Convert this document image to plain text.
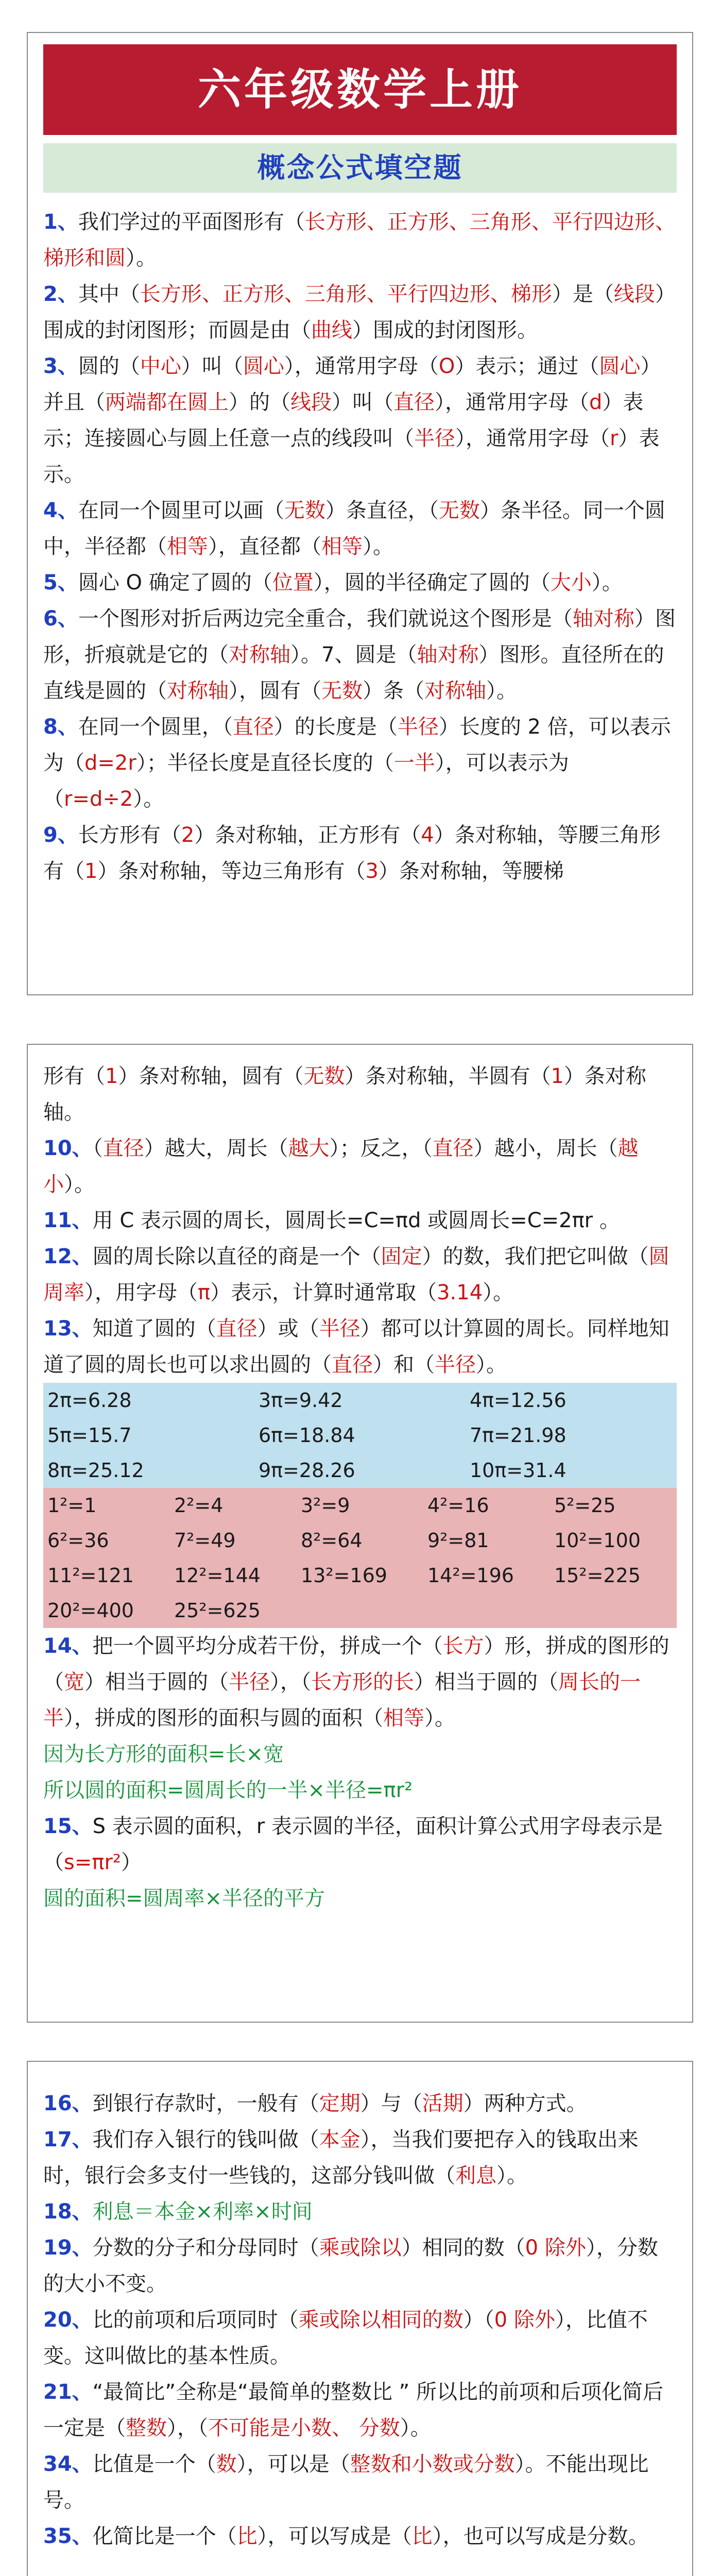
六年级数学上册
概念公式填空题

1、我们学过的平面图形有（长方形、正方形、三角形、平行四边形、梯形和圆）。

2、其中（长方形、正方形、三角形、平行四边形、梯形）是（线段）围成的封闭图形；而圆是由（曲线）围成的封闭图形。

3、圆的（中心）叫（圆心），通常用字母（O）表示；通过（圆心）并且（两端都在圆上）的（线段）叫（直径），通常用字母（d）表示；连接圆心与圆上任意一点的线段叫（半径），通常用字母（r）表示。

4、在同一个圆里可以画（无数）条直径，（无数）条半径。同一个圆中，半径都（相等），直径都（相等）。

5、圆心 O 确定了圆的（位置），圆的半径确定了圆的（大小）。

6、一个图形对折后两边完全重合，我们就说这个图形是（轴对称）图形，折痕就是它的（对称轴）。7、圆是（轴对称）图形。直径所在的直线是圆的（对称轴），圆有（无数）条（对称轴）。

8、在同一个圆里，（直径）的长度是（半径）长度的 2 倍，可以表示为（d=2r）；半径长度是直径长度的（一半），可以表示为（r=d÷2）。

9、长方形有（2）条对称轴，正方形有（4）条对称轴，等腰三角形有（1）条对称轴，等边三角形有（3）条对称轴，等腰梯

形有（1）条对称轴，圆有（无数）条对称轴，半圆有（1）条对称轴。

10、（直径）越大，周长（越大）；反之，（直径）越小，周长（越小）。

11、用 C 表示圆的周长，圆周长=C=πd 或圆周长=C=2πr 。

12、圆的周长除以直径的商是一个（固定）的数，我们把它叫做（圆周率），用字母（π）表示，计算时通常取（3.14）。

13、知道了圆的（直径）或（半径）都可以计算圆的周长。同样地知道了圆的周长也可以求出圆的（直径）和（半径）。

2π=6.28	3π=9.42	4π=12.56
5π=15.7	6π=18.84	7π=21.98
8π=25.12	9π=28.26	10π=31.4
1²=1	2²=4	3²=9	4²=16	5²=25
6²=36	7²=49	8²=64	9²=81	10²=100
11²=121	12²=144	13²=169	14²=196	15²=225
20²=400	25²=625

14、把一个圆平均分成若干份，拼成一个（长方）形，拼成的图形的（宽）相当于圆的（半径），（长方形的长）相当于圆的（周长的一半），拼成的图形的面积与圆的面积（相等）。

因为长方形的面积=长×宽

所以圆的面积=圆周长的一半×半径=πr²

15、S 表示圆的面积，r 表示圆的半径，面积计算公式用字母表示是（s=πr²）

圆的面积=圆周率×半径的平方

16、到银行存款时，一般有（定期）与（活期）两种方式。

17、我们存入银行的钱叫做（本金），当我们要把存入的钱取出来时，银行会多支付一些钱的，这部分钱叫做（利息）。

18、利息＝本金×利率×时间

19、分数的分子和分母同时（乘或除以）相同的数（0 除外），分数的大小不变。

20、比的前项和后项同时（乘或除以相同的数）（0 除外），比值不变。这叫做比的基本性质。

21、“最简比”全称是“最简单的整数比 ” 所以比的前项和后项化简后一定是（整数），（不可能是小数、 分数）。

34、比值是一个（数），可以是（整数和小数或分数）。不能出现比号。

35、化简比是一个（比），可以写成是（比），也可以写成是分数。
